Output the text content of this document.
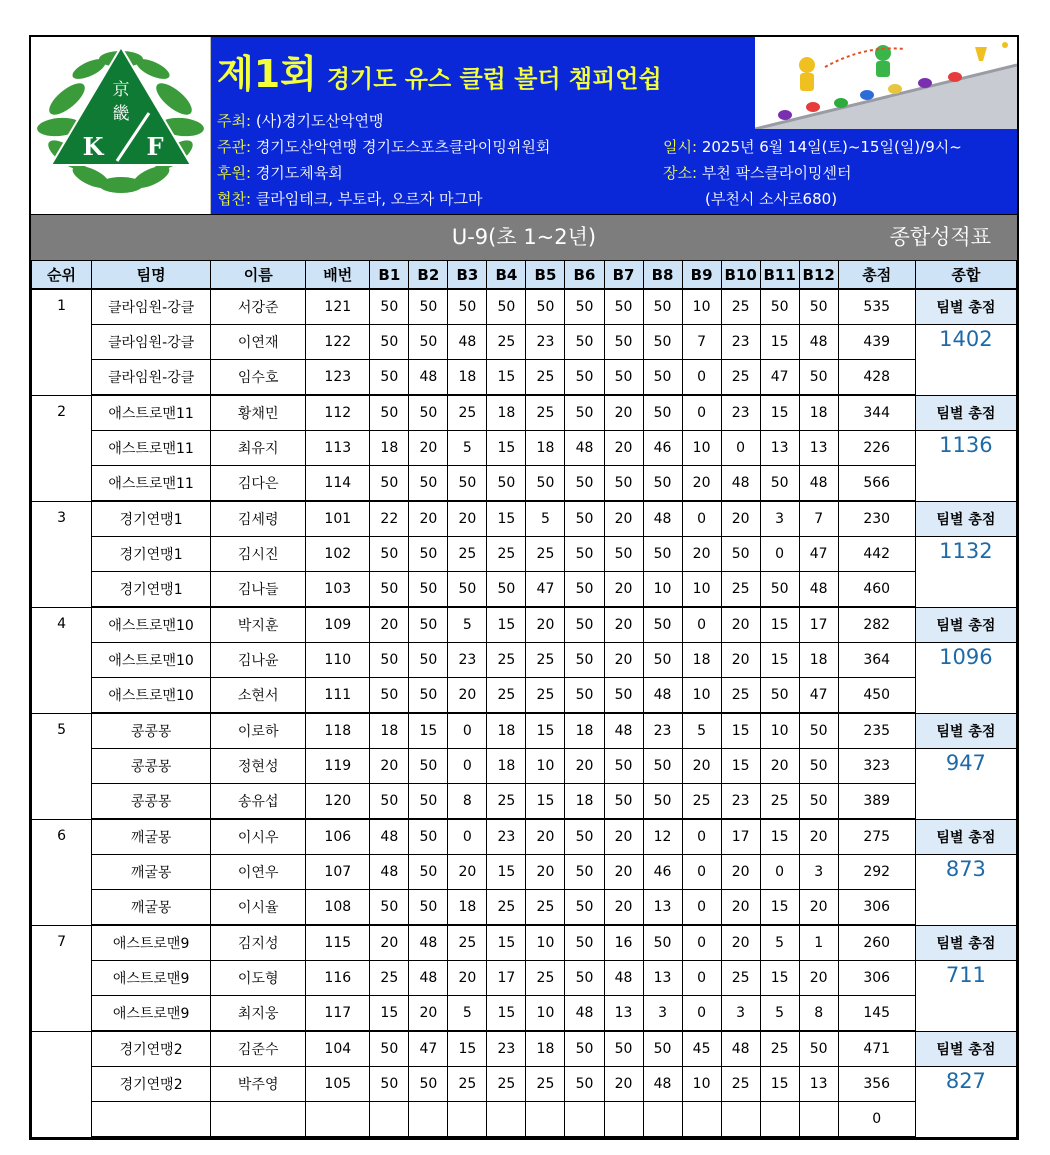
京
畿
K F
제1회 경기도 유스 클럽 볼더 챔피언쉽
주최: (사)경기도산악연맹
주관: 경기도산악연맹 경기도스포츠클라이밍위원회
후원: 경기도체육회
협찬: 클라임테크, 부토라, 오르자 마그마
일시: 2025년 6월 14일(토)~15일(일)/9시~
장소: 부천 팍스클라이밍센터
(부천시 소사로680)
U-9(초 1~2년)	종합성적표
순위	팀명	이름	배번	B1	B2	B3	B4	B5	B6	B7	B8	B9	B10	B11	B12	총점	종합
1	클라임원-강클	서강준	121	50	50	50	50	50	50	50	50	10	25	50	50	535	팀별 총점
	클라임원-강클	이연재	122	50	50	48	25	23	50	50	50	7	23	15	48	439	1402
	클라임원-강클	임수호	123	50	48	18	15	25	50	50	50	0	25	47	50	428	
2	애스트로맨11	황채민	112	50	50	25	18	25	50	20	50	0	23	15	18	344	팀별 총점
	애스트로맨11	최유지	113	18	20	5	15	18	48	20	46	10	0	13	13	226	1136
	애스트로맨11	김다은	114	50	50	50	50	50	50	50	50	20	48	50	48	566	
3	경기연맹1	김세령	101	22	20	20	15	5	50	20	48	0	20	3	7	230	팀별 총점
	경기연맹1	김시진	102	50	50	25	25	25	50	50	50	20	50	0	47	442	1132
	경기연맹1	김나들	103	50	50	50	50	47	50	20	10	10	25	50	48	460	
4	애스트로맨10	박지훈	109	20	50	5	15	20	50	20	50	0	20	15	17	282	팀별 총점
	애스트로맨10	김나윤	110	50	50	23	25	25	50	20	50	18	20	15	18	364	1096
	애스트로맨10	소현서	111	50	50	20	25	25	50	50	48	10	25	50	47	450	
5	콩콩몽	이로하	118	18	15	0	18	15	18	48	23	5	15	10	50	235	팀별 총점
	콩콩몽	정현성	119	20	50	0	18	10	20	50	50	20	15	20	50	323	947
	콩콩몽	송유섭	120	50	50	8	25	15	18	50	50	25	23	25	50	389	
6	깨굴몽	이시우	106	48	50	0	23	20	50	20	12	0	17	15	20	275	팀별 총점
	깨굴몽	이연우	107	48	50	20	15	20	50	20	46	0	20	0	3	292	873
	깨굴몽	이시율	108	50	50	18	25	25	50	20	13	0	20	15	20	306	
7	애스트로맨9	김지성	115	20	48	25	15	10	50	16	50	0	20	5	1	260	팀별 총점
	애스트로맨9	이도형	116	25	48	20	17	25	50	48	13	0	25	15	20	306	711
	애스트로맨9	최지웅	117	15	20	5	15	10	48	13	3	0	3	5	8	145	
	경기연맹2	김준수	104	50	47	15	23	18	50	50	50	45	48	25	50	471	팀별 총점
	경기연맹2	박주영	105	50	50	25	25	25	50	20	48	10	25	15	13	356	827
																0	
